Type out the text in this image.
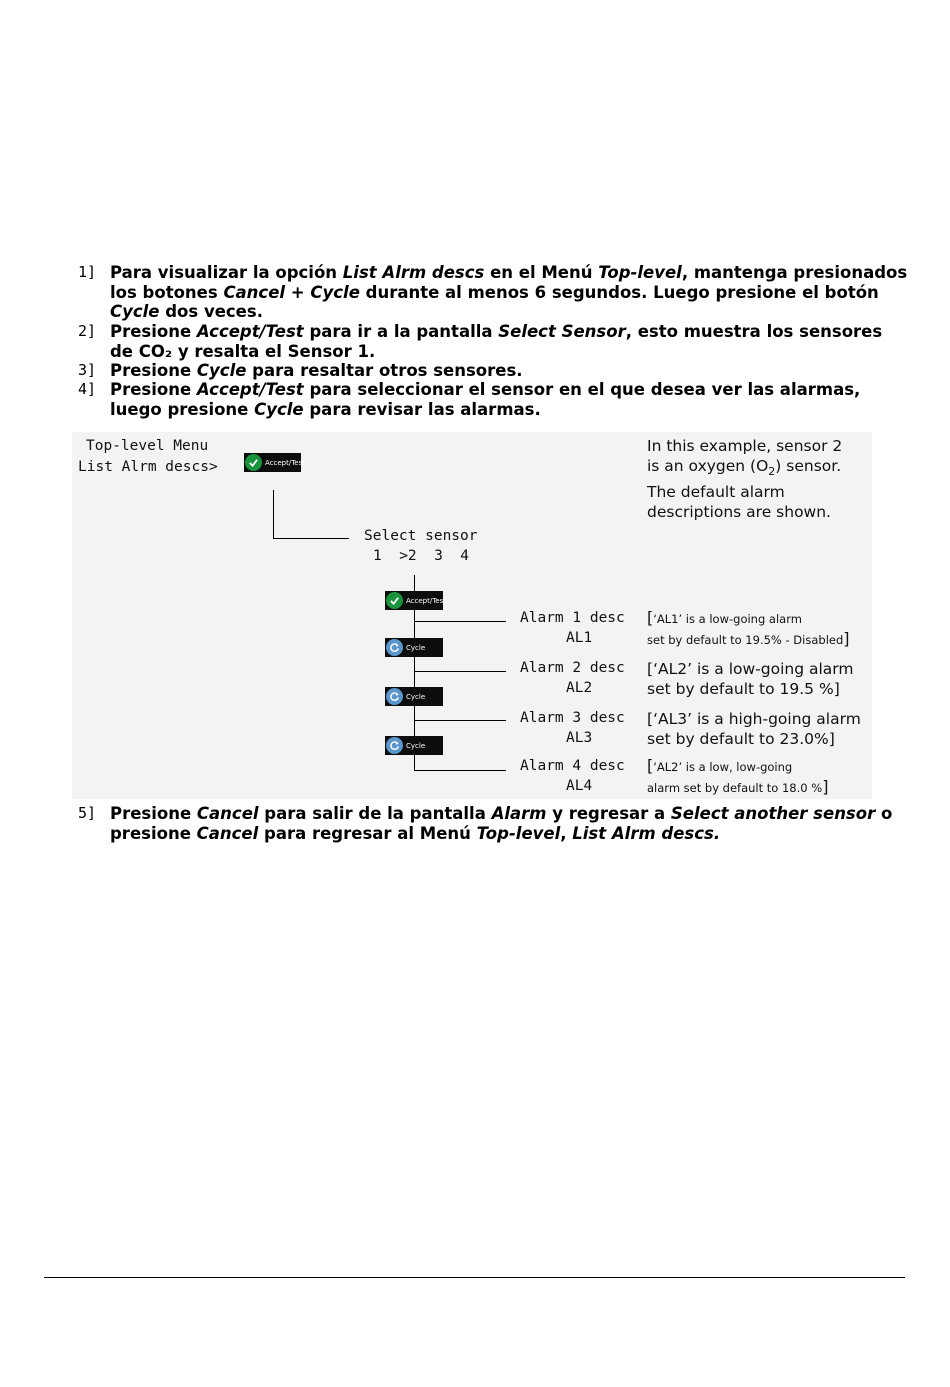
1] Para visualizar la opción List Alrm descs en el Menú Top-level, mantenga presionados los botones Cancel + Cycle durante al menos 6 segundos. Luego presione el botón Cycle dos veces.
2] Presione Accept/Test para ir a la pantalla Select Sensor, esto muestra los sensores de CO₂ y resalta el Sensor 1.
3] Presione Cycle para resaltar otros sensores.
4] Presione Accept/Test para seleccionar el sensor en el que desea ver las alarmas, luego presione Cycle para revisar las alarmas.
Top-level Menu
List Alrm descs>	Accept/Test
Select sensor
1  >2  3  4
In this example, sensor 2
is an oxygen $(O_2)$ sensor.
The default alarm
descriptions are shown.
Accept/Test
Cycle
Cycle
Cycle
Alarm 1 desc
AL1
[‘AL1’ is a low-going alarm
set by default to 19.5% - Disabled]
Alarm 2 desc
AL2
[‘AL2’ is a low-going alarm
set by default to 19.5 %]
Alarm 3 desc
AL3
[‘AL3’ is a high-going alarm
set by default to 23.0%]
Alarm 4 desc
AL4
[‘AL2’ is a low, low-going
alarm set by default to 18.0 %]
5] Presione Cancel para salir de la pantalla Alarm y regresar a Select another sensor o presione Cancel para regresar al Menú Top-level, List Alrm descs.
